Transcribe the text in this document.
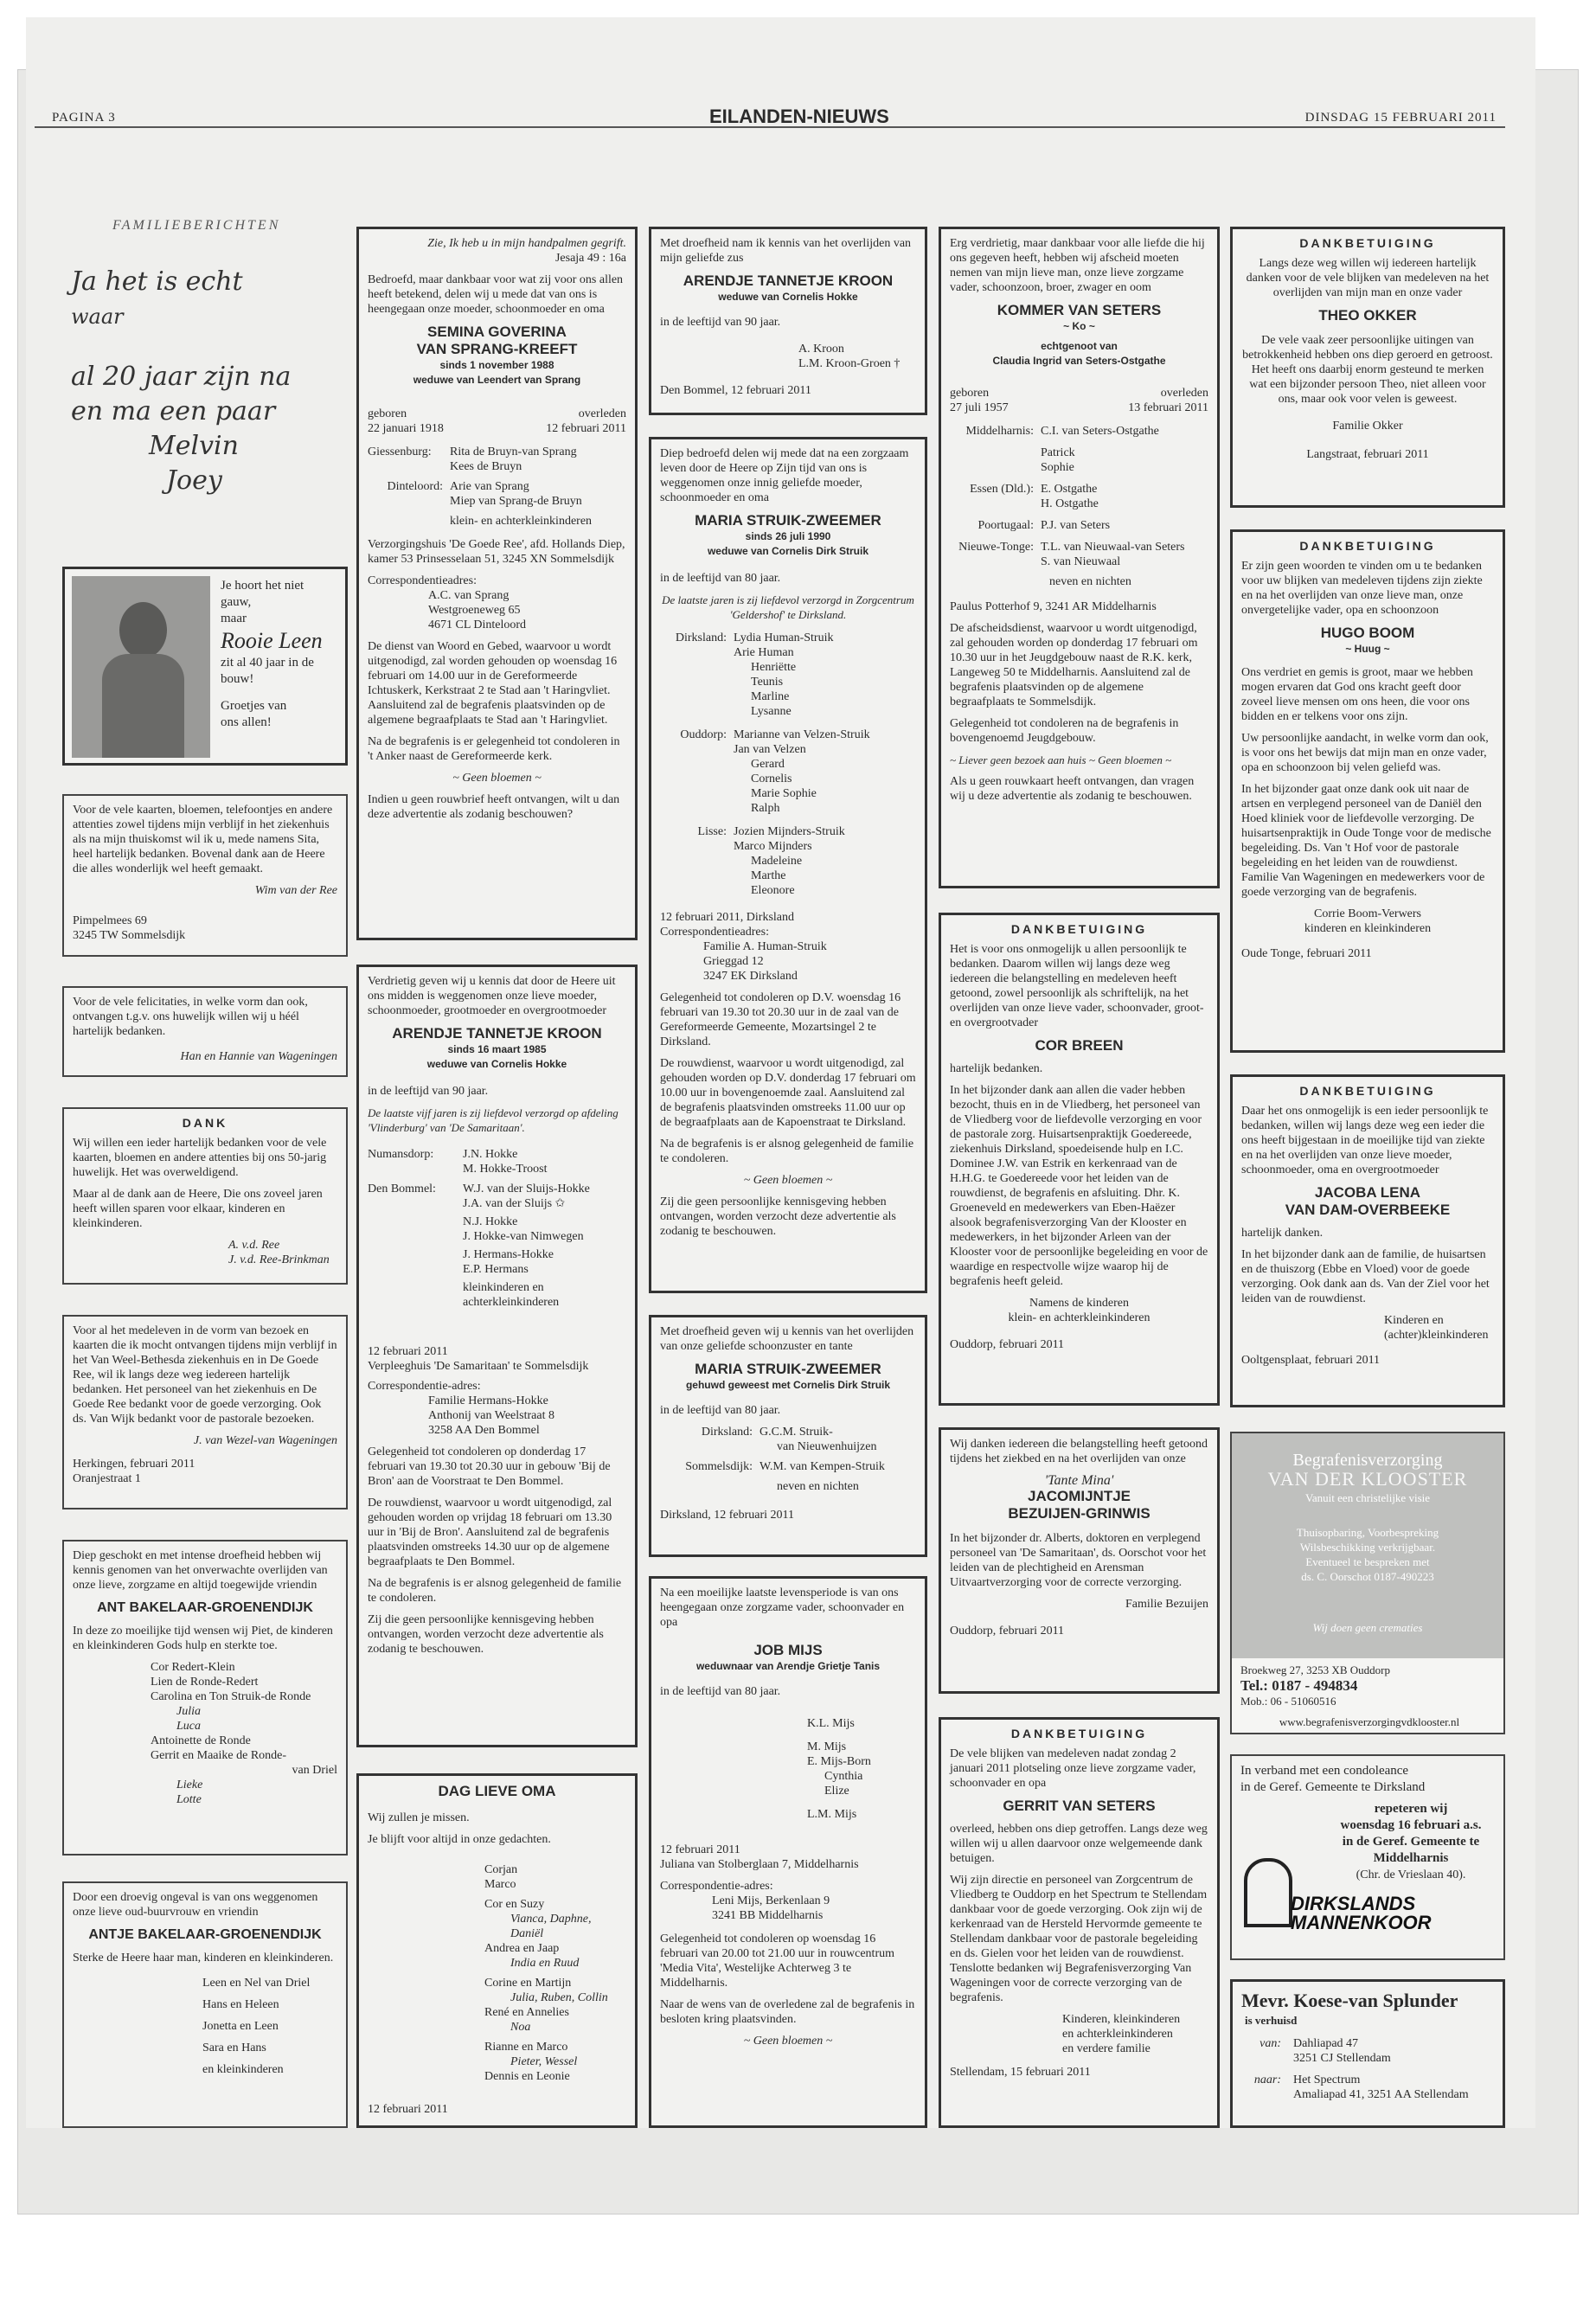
PAGINA 3	EILANDEN-NIEUWS	DINSDAG 15 FEBRUARI 2011
FAMILIEBERICHTEN
Ja het is echt
waar
al 20 jaar zijn na
en ma een paar
Melvin
Joey
Je hoort het niet
gauw,
maar
Rooie Leen
zit al 40 jaar in de
bouw!
Groetjes van
ons allen!

Voor de vele kaarten, bloemen, telefoontjes en andere attenties zowel tijdens mijn verblijf in het ziekenhuis als na mijn thuiskomst wil ik u, mede namens Sita, heel hartelijk bedanken. Bovenal dank aan de Heere die alles wonderlijk wel heeft gemaakt.

Wim van der Ree
Pimpelmees 69
3245 TW Sommelsdijk

Voor de vele felicitaties, in welke vorm dan ook, ontvangen t.g.v. ons huwelijk willen wij u héél hartelijk bedanken.

Han en Hannie van Wageningen
DANK

Wij willen een ieder hartelijk bedanken voor de vele kaarten, bloemen en andere attenties bij ons 50-jarig huwelijk. Het was overweldigend.

Maar al de dank aan de Heere, Die ons zoveel jaren heeft willen sparen voor elkaar, kinderen en kleinkinderen.

A. v.d. Ree
J. v.d. Ree-Brinkman

Voor al het medeleven in de vorm van bezoek en kaarten die ik mocht ontvangen tijdens mijn verblijf in het Van Weel-Bethesda ziekenhuis en in De Goede Ree, wil ik langs deze weg iedereen hartelijk bedanken. Het personeel van het ziekenhuis en De Goede Ree bedankt voor de goede verzorging. Ook ds. Van Wijk bedankt voor de pastorale bezoeken.

J. van Wezel-van Wageningen
Herkingen, februari 2011
Oranjestraat 1

Diep geschokt en met intense droefheid hebben wij kennis genomen van het onverwachte overlijden van onze lieve, zorgzame en altijd toegewijde vriendin

ANT BAKELAAR-GROENENDIJK

In deze zo moeilijke tijd wensen wij Piet, de kinderen en kleinkinderen Gods hulp en sterkte toe.

Cor Redert-Klein
Lien de Ronde-Redert
Carolina en Ton Struik-de Ronde
Julia
Luca
Antoinette de Ronde
Gerrit en Maaike de Ronde-
van Driel
Lieke
Lotte

Door een droevig ongeval is van ons weggenomen onze lieve oud-buurvrouw en vriendin

ANTJE BAKELAAR-GROENENDIJK

Sterke de Heere haar man, kinderen en kleinkinderen.

Leen en Nel van Driel
Hans en Heleen
Jonetta en Leen
Sara en Hans
en kleinkinderen
Zie, Ik heb u in mijn handpalmen gegrift.
Jesaja 49 : 16a

Bedroefd, maar dankbaar voor wat zij voor ons allen heeft betekend, delen wij u mede dat van ons is heengegaan onze moeder, schoonmoeder en oma

SEMINA GOVERINA
VAN SPRANG-KREEFT
sinds 1 november 1988
weduwe van Leendert van Sprang
geboren	overleden
22 januari 1918	12 februari 2011
Giessenburg:	Rita de Bruyn-van Sprang
Kees de Bruyn
Dinteloord: Arie van Sprang
Miep van Sprang-de Bruyn
klein- en achterkleinkinderen

Verzorgingshuis 'De Goede Ree', afd. Hollands Diep, kamer 53 Prinsesselaan 51, 3245 XN Sommelsdijk

Correspondentieadres:
A.C. van Sprang
Westgroeneweg 65
4671 CL Dinteloord

De dienst van Woord en Gebed, waarvoor u wordt uitgenodigd, zal worden gehouden op woensdag 16 februari om 14.00 uur in de Gereformeerde Ichtuskerk, Kerkstraat 2 te Stad aan 't Haringvliet. Aansluitend zal de begrafenis plaatsvinden op de algemene begraafplaats te Stad aan 't Haringvliet.

Na de begrafenis is er gelegenheid tot condoleren in 't Anker naast de Gereformeerde kerk.

~ Geen bloemen ~

Indien u geen rouwbrief heeft ontvangen, wilt u dan deze advertentie als zodanig beschouwen?

Verdrietig geven wij u kennis dat door de Heere uit ons midden is weggenomen onze lieve moeder, schoonmoeder, grootmoeder en overgrootmoeder

ARENDJE TANNETJE KROON
sinds 16 maart 1985
weduwe van Cornelis Hokke

in de leeftijd van 90 jaar.

De laatste vijf jaren is zij liefdevol verzorgd op afdeling 'Vlinderburg' van 'De Samaritaan'.

Numansdorp:	J.N. Hokke
M. Hokke-Troost
Den Bommel:	W.J. van der Sluijs-Hokke
J.A. van der Sluijs ✩
N.J. Hokke
J. Hokke-van Nimwegen
J. Hermans-Hokke
E.P. Hermans
kleinkinderen en achterkleinkinderen
12 februari 2011
Verpleeghuis 'De Samaritaan' te Sommelsdijk
Correspondentie-adres:
Familie Hermans-Hokke
Anthonij van Weelstraat 8
3258 AA Den Bommel

Gelegenheid tot condoleren op donderdag 17 februari van 19.30 tot 20.30 uur in gebouw 'Bij de Bron' aan de Voorstraat te Den Bommel.

De rouwdienst, waarvoor u wordt uitgenodigd, zal gehouden worden op vrijdag 18 februari om 13.30 uur in 'Bij de Bron'. Aansluitend zal de begrafenis plaatsvinden omstreeks 14.30 uur op de algemene begraafplaats te Den Bommel.

Na de begrafenis is er alsnog gelegenheid de familie te condoleren.

Zij die geen persoonlijke kennisgeving hebben ontvangen, worden verzocht deze advertentie als zodanig te beschouwen.

DAG LIEVE OMA

Wij zullen je missen.

Je blijft voor altijd in onze gedachten.

Corjan
Marco
Cor en Suzy
Vianca, Daphne, Daniël
Andrea en Jaap
India en Ruud
Corine en Martijn
Julia, Ruben, Collin
René en Annelies
Noa
Rianne en Marco
Pieter, Wessel
Dennis en Leonie
12 februari 2011

Met droefheid nam ik kennis van het overlijden van mijn geliefde zus

ARENDJE TANNETJE KROON
weduwe van Cornelis Hokke

in de leeftijd van 90 jaar.

A. Kroon
L.M. Kroon-Groen †
Den Bommel, 12 februari 2011

Diep bedroefd delen wij mede dat na een zorgzaam leven door de Heere op Zijn tijd van ons is weggenomen onze innig geliefde moeder, schoonmoeder en oma

MARIA STRUIK-ZWEEMER
sinds 26 juli 1990
weduwe van Cornelis Dirk Struik

in de leeftijd van 80 jaar.

De laatste jaren is zij liefdevol verzorgd in Zorgcentrum 'Geldershof' te Dirksland.

Dirksland: Lydia Human-Struik
Arie Human
Henriëtte
Teunis
Marline
Lysanne
Ouddorp: Marianne van Velzen-Struik
Jan van Velzen
Gerard
Cornelis
Marie Sophie
Ralph
Lisse: Jozien Mijnders-Struik
Marco Mijnders
Madeleine
Marthe
Eleonore
12 februari 2011, Dirksland
Correspondentieadres:
Familie A. Human-Struik
Grieggad 12
3247 EK Dirksland

Gelegenheid tot condoleren op D.V. woensdag 16 februari van 19.30 tot 20.30 uur in de zaal van de Gereformeerde Gemeente, Mozartsingel 2 te Dirksland.

De rouwdienst, waarvoor u wordt uitgenodigd, zal gehouden worden op D.V. donderdag 17 februari om 10.00 uur in bovengenoemde zaal. Aansluitend zal de begrafenis plaatsvinden omstreeks 11.00 uur op de begraafplaats aan de Kapoenstraat te Dirksland.

Na de begrafenis is er alsnog gelegenheid de familie te condoleren.

~ Geen bloemen ~

Zij die geen persoonlijke kennisgeving hebben ontvangen, worden verzocht deze advertentie als zodanig te beschouwen.

Met droefheid geven wij u kennis van het overlijden van onze geliefde schoonzuster en tante

MARIA STRUIK-ZWEEMER
gehuwd geweest met Cornelis Dirk Struik

in de leeftijd van 80 jaar.

Dirksland: G.C.M. Struik-
van Nieuwenhuijzen
Sommelsdijk: W.M. van Kempen-Struik
neven en nichten
Dirksland, 12 februari 2011

Na een moeilijke laatste levensperiode is van ons heengegaan onze zorgzame vader, schoonvader en opa

JOB MIJS
weduwnaar van Arendje Grietje Tanis

in de leeftijd van 80 jaar.

K.L. Mijs
M. Mijs
E. Mijs-Born
Cynthia
Elize
L.M. Mijs
12 februari 2011
Juliana van Stolberglaan 7, Middelharnis
Correspondentie-adres:
Leni Mijs, Berkenlaan 9
3241 BB Middelharnis

Gelegenheid tot condoleren op woensdag 16 februari van 20.00 tot 21.00 uur in rouwcentrum 'Media Vita', Westelijke Achterweg 3 te Middelharnis.

Naar de wens van de overledene zal de begrafenis in besloten kring plaatsvinden.

~ Geen bloemen ~

Erg verdrietig, maar dankbaar voor alle liefde die hij ons gegeven heeft, hebben wij afscheid moeten nemen van mijn lieve man, onze lieve zorgzame vader, schoonzoon, broer, zwager en oom

KOMMER VAN SETERS
~ Ko ~
echtgenoot van
Claudia Ingrid van Seters-Ostgathe
geboren	overleden
27 juli 1957	13 februari 2011
Middelharnis: C.I. van Seters-Ostgathe
Patrick
Sophie
Essen (Dld.): E. Ostgathe
H. Ostgathe
Poortugaal: P.J. van Seters
Nieuwe-Tonge: T.L. van Nieuwaal-van Seters
S. van Nieuwaal
neven en nichten

Paulus Potterhof 9, 3241 AR Middelharnis

De afscheidsdienst, waarvoor u wordt uitgenodigd, zal gehouden worden op donderdag 17 februari om 10.30 uur in het Jeugdgebouw naast de R.K. kerk, Langeweg 50 te Middelharnis. Aansluitend zal de begrafenis plaatsvinden op de algemene begraafplaats te Sommelsdijk.

Gelegenheid tot condoleren na de begrafenis in bovengenoemd Jeugdgebouw.

~ Liever geen bezoek aan huis ~ Geen bloemen ~

Als u geen rouwkaart heeft ontvangen, dan vragen wij u deze advertentie als zodanig te beschouwen.

DANKBETUIGING

Het is voor ons onmogelijk u allen persoonlijk te bedanken. Daarom willen wij langs deze weg iedereen die belangstelling en medeleven heeft getoond, zowel persoonlijk als schriftelijk, na het overlijden van onze lieve vader, schoonvader, groot- en overgrootvader

COR BREEN

hartelijk bedanken.

In het bijzonder dank aan allen die vader hebben bezocht, thuis en in de Vliedberg, het personeel van de Vliedberg voor de liefdevolle verzorging en voor de pastorale zorg. Huisartsenpraktijk Goedereede, ziekenhuis Dirksland, spoedeisende hulp en I.C. Dominee J.W. van Estrik en kerkenraad van de H.H.G. te Goedereede voor het leiden van de rouwdienst, de begrafenis en afsluiting. Dhr. K. Groeneveld en medewerkers van Eben-Haëzer alsook begrafenisverzorging Van der Klooster en medewerkers, in het bijzonder Arleen van der Klooster voor de persoonlijke begeleiding en voor de waardige en respectvolle wijze waarop hij de begrafenis heeft geleid.

Namens de kinderen
klein- en achterkleinkinderen
Ouddorp, februari 2011

Wij danken iedereen die belangstelling heeft getoond tijdens het ziekbed en na het overlijden van onze

'Tante Mina'
JACOMIJNTJE
BEZUIJEN-GRINWIS

In het bijzonder dr. Alberts, doktoren en verplegend personeel van 'De Samaritaan', ds. Oorschot voor het leiden van de plechtigheid en Arensman Uitvaartverzorging voor de correcte verzorging.

Familie Bezuijen
Ouddorp, februari 2011
DANKBETUIGING

De vele blijken van medeleven nadat zondag 2 januari 2011 plotseling onze lieve zorgzame vader, schoonvader en opa

GERRIT VAN SETERS

overleed, hebben ons diep getroffen. Langs deze weg willen wij u allen daarvoor onze welgemeende dank betuigen.

Wij zijn directie en personeel van Zorgcentrum de Vliedberg te Ouddorp en het Spectrum te Stellendam dankbaar voor de goede verzorging. Ook zijn wij de kerkenraad van de Hersteld Hervormde gemeente te Stellendam dankbaar voor de pastorale begeleiding en ds. Gielen voor het leiden van de rouwdienst. Tenslotte bedanken wij Begrafenisverzorging Van Wageningen voor de correcte verzorging van de begrafenis.

Kinderen, kleinkinderen
en achterkleinkinderen
en verdere familie
Stellendam, 15 februari 2011
DANKBETUIGING

Langs deze weg willen wij iedereen hartelijk danken voor de vele blijken van medeleven na het overlijden van mijn man en onze vader

THEO OKKER

De vele vaak zeer persoonlijke uitingen van betrokkenheid hebben ons diep geroerd en getroost. Het heeft ons daarbij enorm gesteund te merken wat een bijzonder persoon Theo, niet alleen voor ons, maar ook voor velen is geweest.

Familie Okker
Langstraat, februari 2011
DANKBETUIGING

Er zijn geen woorden te vinden om u te bedanken voor uw blijken van medeleven tijdens zijn ziekte en na het overlijden van onze lieve man, onze onvergetelijke vader, opa en schoonzoon

HUGO BOOM
~ Huug ~

Ons verdriet en gemis is groot, maar we hebben mogen ervaren dat God ons kracht geeft door zoveel lieve mensen om ons heen, die voor ons bidden en er telkens voor ons zijn.

Uw persoonlijke aandacht, in welke vorm dan ook, is voor ons het bewijs dat mijn man en onze vader, opa en schoonzoon bij velen geliefd was.

In het bijzonder gaat onze dank ook uit naar de artsen en verplegend personeel van de Daniël den Hoed kliniek voor de liefdevolle verzorging. De huisartsenpraktijk in Oude Tonge voor de medische begeleiding. Ds. Van 't Hof voor de pastorale begeleiding en het leiden van de rouwdienst. Familie Van Wageningen en medewerkers voor de goede verzorging van de begrafenis.

Corrie Boom-Verwers
kinderen en kleinkinderen
Oude Tonge, februari 2011
DANKBETUIGING

Daar het ons onmogelijk is een ieder persoonlijk te bedanken, willen wij langs deze weg een ieder die ons heeft bijgestaan in de moeilijke tijd van ziekte en na het overlijden van onze lieve moeder, schoonmoeder, oma en overgrootmoeder

JACOBA LENA
VAN DAM-OVERBEEKE

hartelijk danken.

In het bijzonder dank aan de familie, de huisartsen en de thuiszorg (Ebbe en Vloed) voor de goede verzorging. Ook dank aan ds. Van der Ziel voor het leiden van de rouwdienst.

Kinderen en
(achter)kleinkinderen
Ooltgensplaat, februari 2011
Begrafenisverzorging
VAN DER KLOOSTER
Vanuit een christelijke visie
Thuisopbaring, Voorbespreking
Wilsbeschikking verkrijgbaar.
Eventueel te bespreken met
ds. C. Oorschot 0187-490223
Wij doen geen crematies
Broekweg 27, 3253 XB Ouddorp
Tel.: 0187 - 494834
Mob.: 06 - 51060516
www.begrafenisverzorgingvdklooster.nl
In verband met een condoleance
in de Geref. Gemeente te Dirksland
repeteren wij
woensdag 16 februari a.s.
in de Geref. Gemeente te
Middelharnis
(Chr. de Vrieslaan 40).
DIRKSLANDS
MANNENKOOR
Mevr. Koese-van Splunder
is verhuisd
van:	Dahliapad 47
3251 CJ Stellendam
naar:	Het Spectrum
Amaliapad 41, 3251 AA Stellendam
